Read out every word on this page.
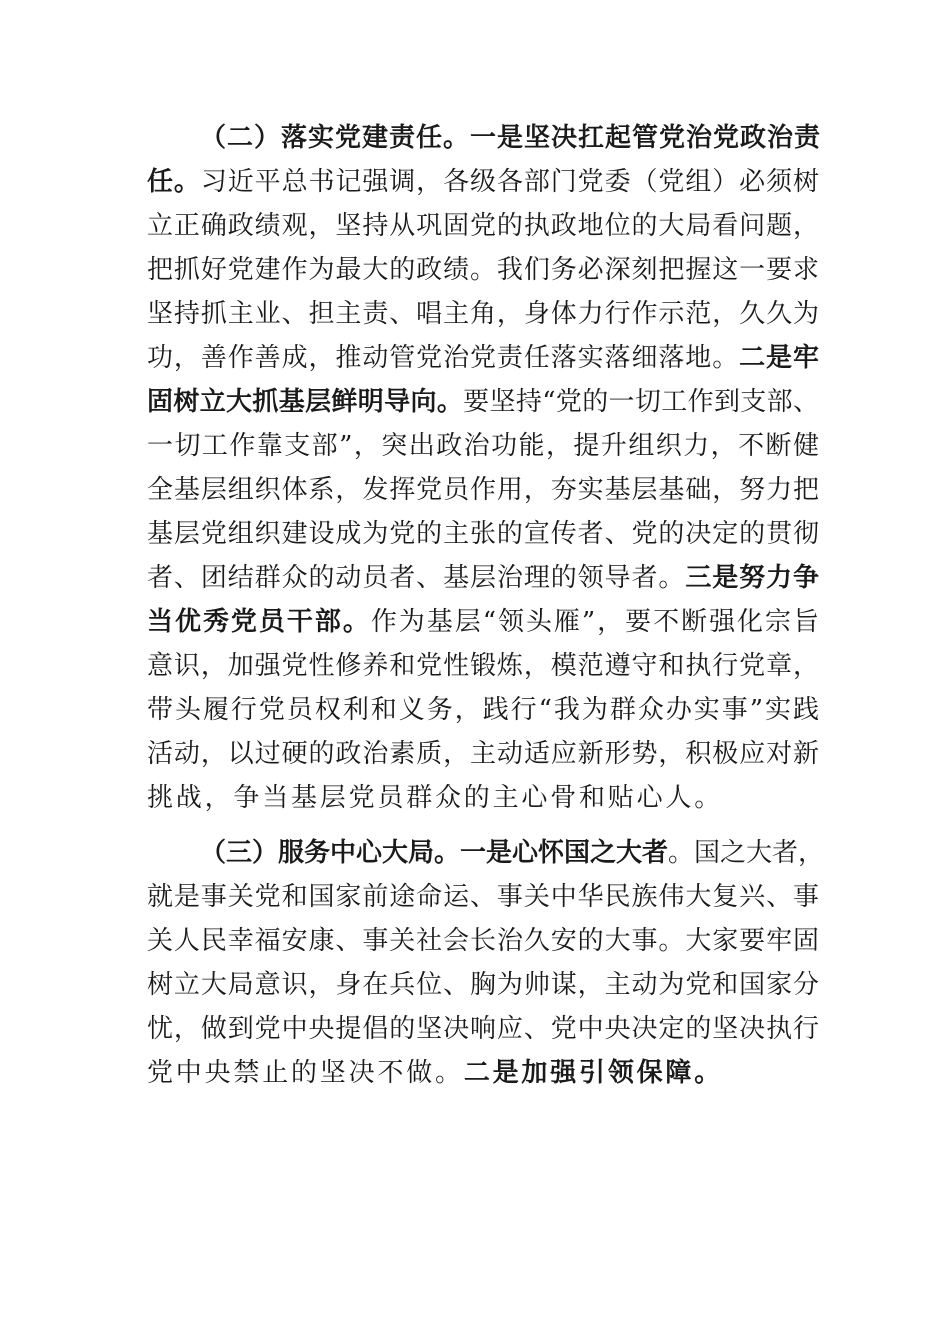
（二）落实党建责任。一是坚决扛起管党治党政治责
任。习近平总书记强调，各级各部门党委（党组）必须树
立正确政绩观，坚持从巩固党的执政地位的大局看问题，
把抓好党建作为最大的政绩。我们务必深刻把握这一要求
坚持抓主业、担主责、唱主角，身体力行作示范，久久为
功，善作善成，推动管党治党责任落实落细落地。二是牢
固树立大抓基层鲜明导向。要坚持“党的一切工作到支部、
一切工作靠支部”，突出政治功能，提升组织力，不断健
全基层组织体系，发挥党员作用，夯实基层基础，努力把
基层党组织建设成为党的主张的宣传者、党的决定的贯彻
者、团结群众的动员者、基层治理的领导者。三是努力争
当优秀党员干部。作为基层“领头雁”，要不断强化宗旨
意识，加强党性修养和党性锻炼，模范遵守和执行党章，
带头履行党员权利和义务，践行“我为群众办实事”实践
活动，以过硬的政治素质，主动适应新形势，积极应对新
挑战，争当基层党员群众的主心骨和贴心人。
（三）服务中心大局。一是心怀国之大者。国之大者，
就是事关党和国家前途命运、事关中华民族伟大复兴、事
关人民幸福安康、事关社会长治久安的大事。大家要牢固
树立大局意识，身在兵位、胸为帅谋，主动为党和国家分
忧，做到党中央提倡的坚决响应、党中央决定的坚决执行
党中央禁止的坚决不做。二是加强引领保障。
